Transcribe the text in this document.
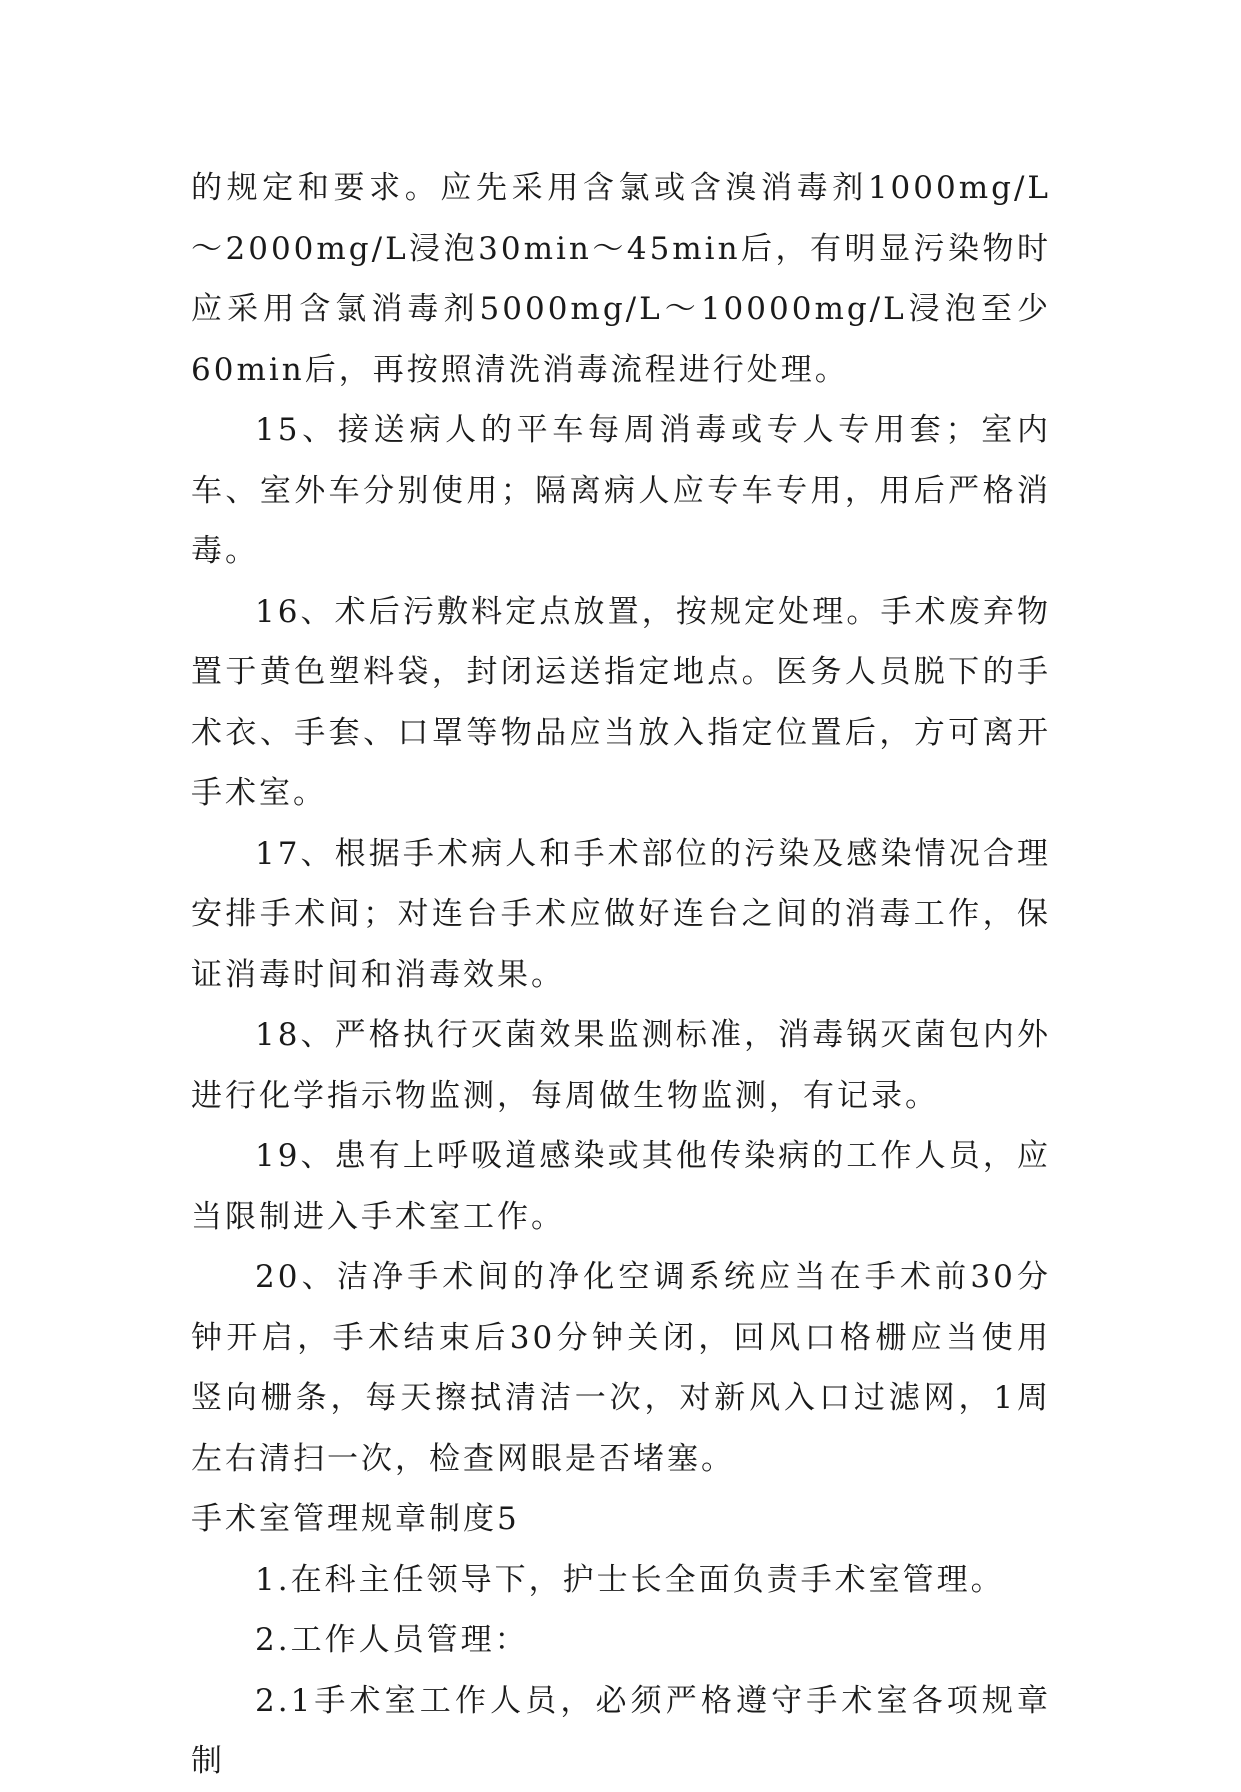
的规定和要求。应先采用含氯或含溴消毒剂1000mg/L～2000mg/L浸泡30min～45min后，有明显污染物时应采用含氯消毒剂5000mg/L～10000mg/L浸泡至少60min后，再按照清洗消毒流程进行处理。

15、接送病人的平车每周消毒或专人专用套；室内车、室外车分别使用；隔离病人应专车专用，用后严格消毒。

16、术后污敷料定点放置，按规定处理。手术废弃物置于黄色塑料袋，封闭运送指定地点。医务人员脱下的手术衣、手套、口罩等物品应当放入指定位置后，方可离开手术室。

17、根据手术病人和手术部位的污染及感染情况合理安排手术间；对连台手术应做好连台之间的消毒工作，保证消毒时间和消毒效果。

18、严格执行灭菌效果监测标准，消毒锅灭菌包内外进行化学指示物监测，每周做生物监测，有记录。

19、患有上呼吸道感染或其他传染病的工作人员，应当限制进入手术室工作。

20、洁净手术间的净化空调系统应当在手术前30分钟开启，手术结束后30分钟关闭，回风口格栅应当使用竖向栅条，每天擦拭清洁一次，对新风入口过滤网，1周左右清扫一次，检查网眼是否堵塞。

手术室管理规章制度5

1.在科主任领导下，护士长全面负责手术室管理。

2.工作人员管理：

2.1手术室工作人员，必须严格遵守手术室各项规章制
